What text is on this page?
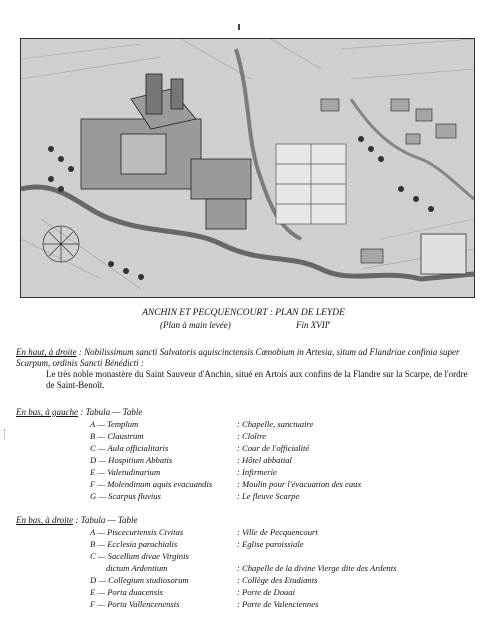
ANCHIN ET PECQUENCOURT : PLAN DE LEYDE
(Plan à main levée)	Fin XVIIe
En haut, à droite : Nobilissimum sancti Salvatoris aquiscinctensis Cœnobium in Artesia, situm ad Flandriae confinia super Scarpum, ordinis Sancti Bénédicti :
Le très noble monastère du Saint Sauveur d'Anchin, situé en Artois aux confins de la Flandre sur la Scarpe, de l'ordre de Saint-Benoît.
En bas, à gauche : Tabula — Table
A — Templum	: Chapelle, sanctuaire
B — Claustrum	: Cloître
C — Aula officialitaris	: Cour de l'officialité
D — Hospitium Abbatis	: Hôtel abbatial
E — Valetudinarium	: Infirmerie
F — Molendinum aquis evacuandis	: Moulin pour l'évacuation des eaux
G — Scarpus fluvius	: Le fleuve Scarpe
En bas, à droite : Tabula — Table
A — Piscecurtensis Civitas	: Ville de Pecquencourt
B — Ecclesia parochialis	: Eglise paroissiale
C — Sacellum divae Virginis
dictum Ardentium	: Chapelle de la divine Vierge dite des Ardents
D — Collegium studiosorum	: Collège des Etudiants
E — Porta duacensis	: Porte de Douai
F — Porta Vallencenensis	: Porte de Valenciennes
